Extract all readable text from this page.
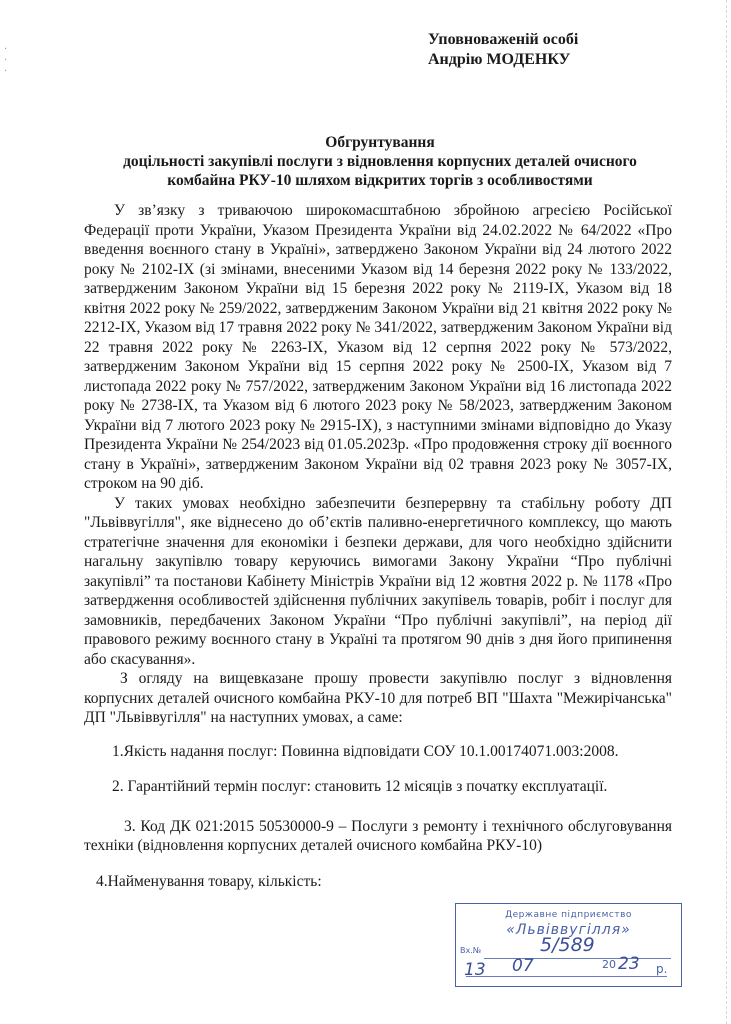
·
·
·
Уповноваженій особі
Андрію МОДЕНКУ
Обгрунтування
доцільності закупівлі послуги з відновлення корпусних деталей очисного
комбайна РКУ-10 шляхом відкритих торгів з особливостями

У зв’язку з триваючою широкомасштабною збройною агресією Російської Федерації проти України, Указом Президента України від 24.02.2022 № 64/2022 «Про введення воєнного стану в Україні», затверджено Законом України від 24 лютого 2022 року № 2102-IX (зі змінами, внесеними Указом від 14 березня 2022 року № 133/2022, затвердженим Законом України від 15 березня 2022 року № 2119-IX, Указом від 18 квітня 2022 року № 259/2022, затвердженим Законом України від 21 квітня 2022 року № 2212-IX, Указом від 17 травня 2022 року № 341/2022, затвердженим Законом України від 22 травня 2022 року № 2263-IX, Указом від 12 серпня 2022 року № 573/2022, затвердженим Законом України від 15 серпня 2022 року № 2500-IX, Указом від 7 листопада 2022 року № 757/2022, затвердженим Законом України від 16 листопада 2022 року № 2738-IX, та Указом від 6 лютого 2023 року № 58/2023, затвердженим Законом України від 7 лютого 2023 року № 2915-IX), з наступними змінами відповідно до Указу Президента України № 254/2023 від 01.05.2023р. «Про продовження строку дії воєнного стану в Україні», затвердженим Законом України від 02 травня 2023 року № 3057-IX, строком на 90 діб.

У таких умовах необхідно забезпечити безперервну та стабільну роботу ДП "Львіввугілля", яке віднесено до об’єктів паливно-енергетичного комплексу, що мають стратегічне значення для економіки і безпеки держави, для чого необхідно здійснити нагальну закупівлю товару керуючись вимогами Закону України “Про публічні закупівлі” та постанови Кабінету Міністрів України від 12 жовтня 2022 р. № 1178 «Про затвердження особливостей здійснення публічних закупівель товарів, робіт і послуг для замовників, передбачених Законом України “Про публічні закупівлі”, на період дії правового режиму воєнного стану в Україні та протягом 90 днів з дня його припинення або скасування».

З огляду на вищевказане прошу провести закупівлю послуг з відновлення корпусних деталей очисного комбайна РКУ-10 для потреб ВП "Шахта "Межирічанська" ДП "Львіввугілля" на наступних умовах, а саме:

1.Якість надання послуг: Повинна відповідати СОУ 10.1.00174071.003:2008.

2. Гарантійний термін послуг: становить 12 місяців з початку експлуатації.

3. Код ДК 021:2015 50530000-9 – Послуги з ремонту і технічного обслуговування техніки (відновлення корпусних деталей очисного комбайна РКУ-10)

4.Найменування товару, кількість:

Державне підприємство
«Львіввугілля»
Вх.№	5/589
13 07	20 23 р.
